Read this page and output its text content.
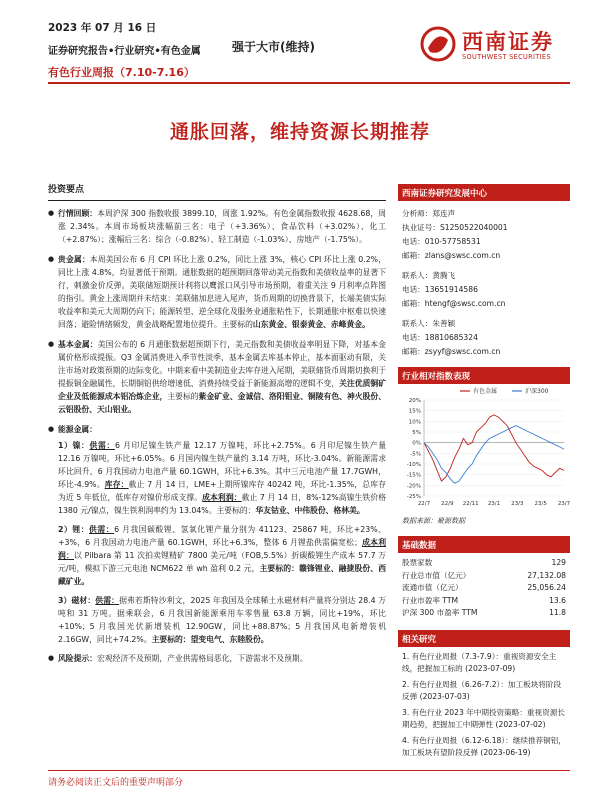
2023 年 07 月 16 日
证券研究报告•行业研究•有色金属
有色行业周报（7.10-7.16）
强于大市(维持)	西南证券
SOUTHWEST SECURITIES
通胀回落，维持资源长期推荐
投资要点
● 行情回顾：本周沪深 300 指数收报 3899.10，周涨 1.92%。有色金属指数收报 4628.68，周涨 2.34%。本周市场板块涨幅前三名：电子（+3.36%）、食品饮料（+3.02%）、化工（+2.87%）；涨幅后三名：综合（-0.82%）、轻工制造（-1.03%）、房地产（-1.75%）。
● 贵金属：本周美国公布 6 月 CPI 环比上涨 0.2%，同比上涨 3%，核心 CPI 环比上涨 0.2%，同比上涨 4.8%，均显著低于预期。通胀数据的超预期回落带动美元指数和美债收益率的显著下行，刺激金价反弹。美联储短期预计利将以鹰派口风引导市场预期，着重关注 9 月利率点阵图的指引。黄金上涨周期并未结束：美联储加息进入尾声，货币周期的切换背景下，长端美债实际收益率和美元大周期仍向下；能源转型、逆全球化及服务业通胀粘性下，长期通胀中枢难以快速回落；避险情绪频发，黄金战略配置地位提升。主要标的山东黄金、银泰黄金、赤峰黄金。
● 基本金属：美国公布的 6 月通胀数据超预期下行，美元指数和美债收益率明显下降，对基本金属价格形成提振。Q3 金属消费进入季节性淡季，基本金属去库基本停止，基本面驱动有限，关注市场对政策预期的边际变化。中期来看中美制造业去库存进入尾期，美联储货币周期切换利于提振铜金融属性，长期铜铝供给增速低、消费持续受益于新能源高增的逻辑不变，关注优质铜矿企业及低能源成本铝冶炼企业，主要标的紫金矿业、金诚信、洛阳钼业、铜陵有色、神火股份、云铝股份、天山铝业。
● 能源金属：
1）镍：供需：6 月印尼镍生铁产量 12.17 万镍吨，环比+2.75%。6 月印尼镍生铁产量 12.16 万镍吨，环比+6.05%。6 月国内镍生铁产量约 3.14 万吨，环比-3.04%。新能源需求环比回升，6 月我国动力电池产量 60.1GWH，环比+6.3%。其中三元电池产量 17.7GWH，环比-4.9%。库存：截止 7 月 14 日，LME+上期所镍库存 40242 吨，环比-1.35%，总库存为近 5 年低位，低库存对镍价形成支撑。成本利润：截止 7 月 14 日，8%-12%高镍生铁价格 1380 元/镍点，镍生铁利润率约为 13.04%。主要标的：华友钴业、中伟股份、格林美。
2）锂：供需：6 月我国碳酸锂、氢氧化锂产量分别为 41123、25867 吨，环比+23%、+3%，6 月我国动力电池产量 60.1GWH，环比+6.3%，整体 6 月锂盐供需偏宽松；成本利润：以 Pilbara 第 11 次拍卖锂精矿 7800 美元/吨（FOB,5.5%）折碳酸锂生产成本 57.7 万元/吨，模拟下游三元电池 NCM622 单 wh 盈利 0.2 元，主要标的：赣锋锂业、融捷股份、西藏矿业。
3）磁材：供需：据弗若斯特沙利文，2025 年我国及全球稀土永磁材料产量将分别达 28.4 万吨和 31 万吨。据乘联会，6 月我国新能源乘用车零售量 63.8 万辆，同比+19%，环比+10%；5 月我国光伏新增装机 12.90GW，同比+88.87%；5 月我国风电新增装机 2.16GW，同比+74.2%。主要标的：望变电气、东睦股份。
● 风险提示：宏观经济不及预期，产业供需格局恶化，下游需求不及预期。
西南证券研究发展中心
分析师：郑连声
执业证号：S1250522040001
电话：010-57758531
邮箱：zlans@swsc.com.cn
联系人：黄腾飞
电话：13651914586
邮箱：htengf@swsc.com.cn
联系人：朱善颖
电话：18810685324
邮箱：zsyyf@swsc.com.cn
行业相对指数表现
20%
15%
10%
5%
0%
-5%
-10%
-15%
-20%
-25%
22/7 22/9 22/11 23/1 23/3 23/5 23/7
有色金属	沪深300
数据来源：聚源数据
基础数据
股票家数	129
行业总市值（亿元）	27,132.08
流通市值（亿元）	25,056.24
行业市盈率 TTM	13.6
沪深 300 市盈率 TTM	11.8
相关研究
1. 有色行业周报（7.3-7.9）：重视资源安全主线，把握加工标的 (2023-07-09)
2. 有色行业周报（6.26-7.2）：加工板块将阶段反弹 (2023-07-03)
3. 有色行业 2023 年中期投资策略：重视资源长期趋势，把握加工中期弹性 (2023-07-02)
4. 有色行业周报（6.12-6.18）：继续推荐铜铝，加工板块有望阶段反弹 (2023-06-19)
请务必阅读正文后的重要声明部分
